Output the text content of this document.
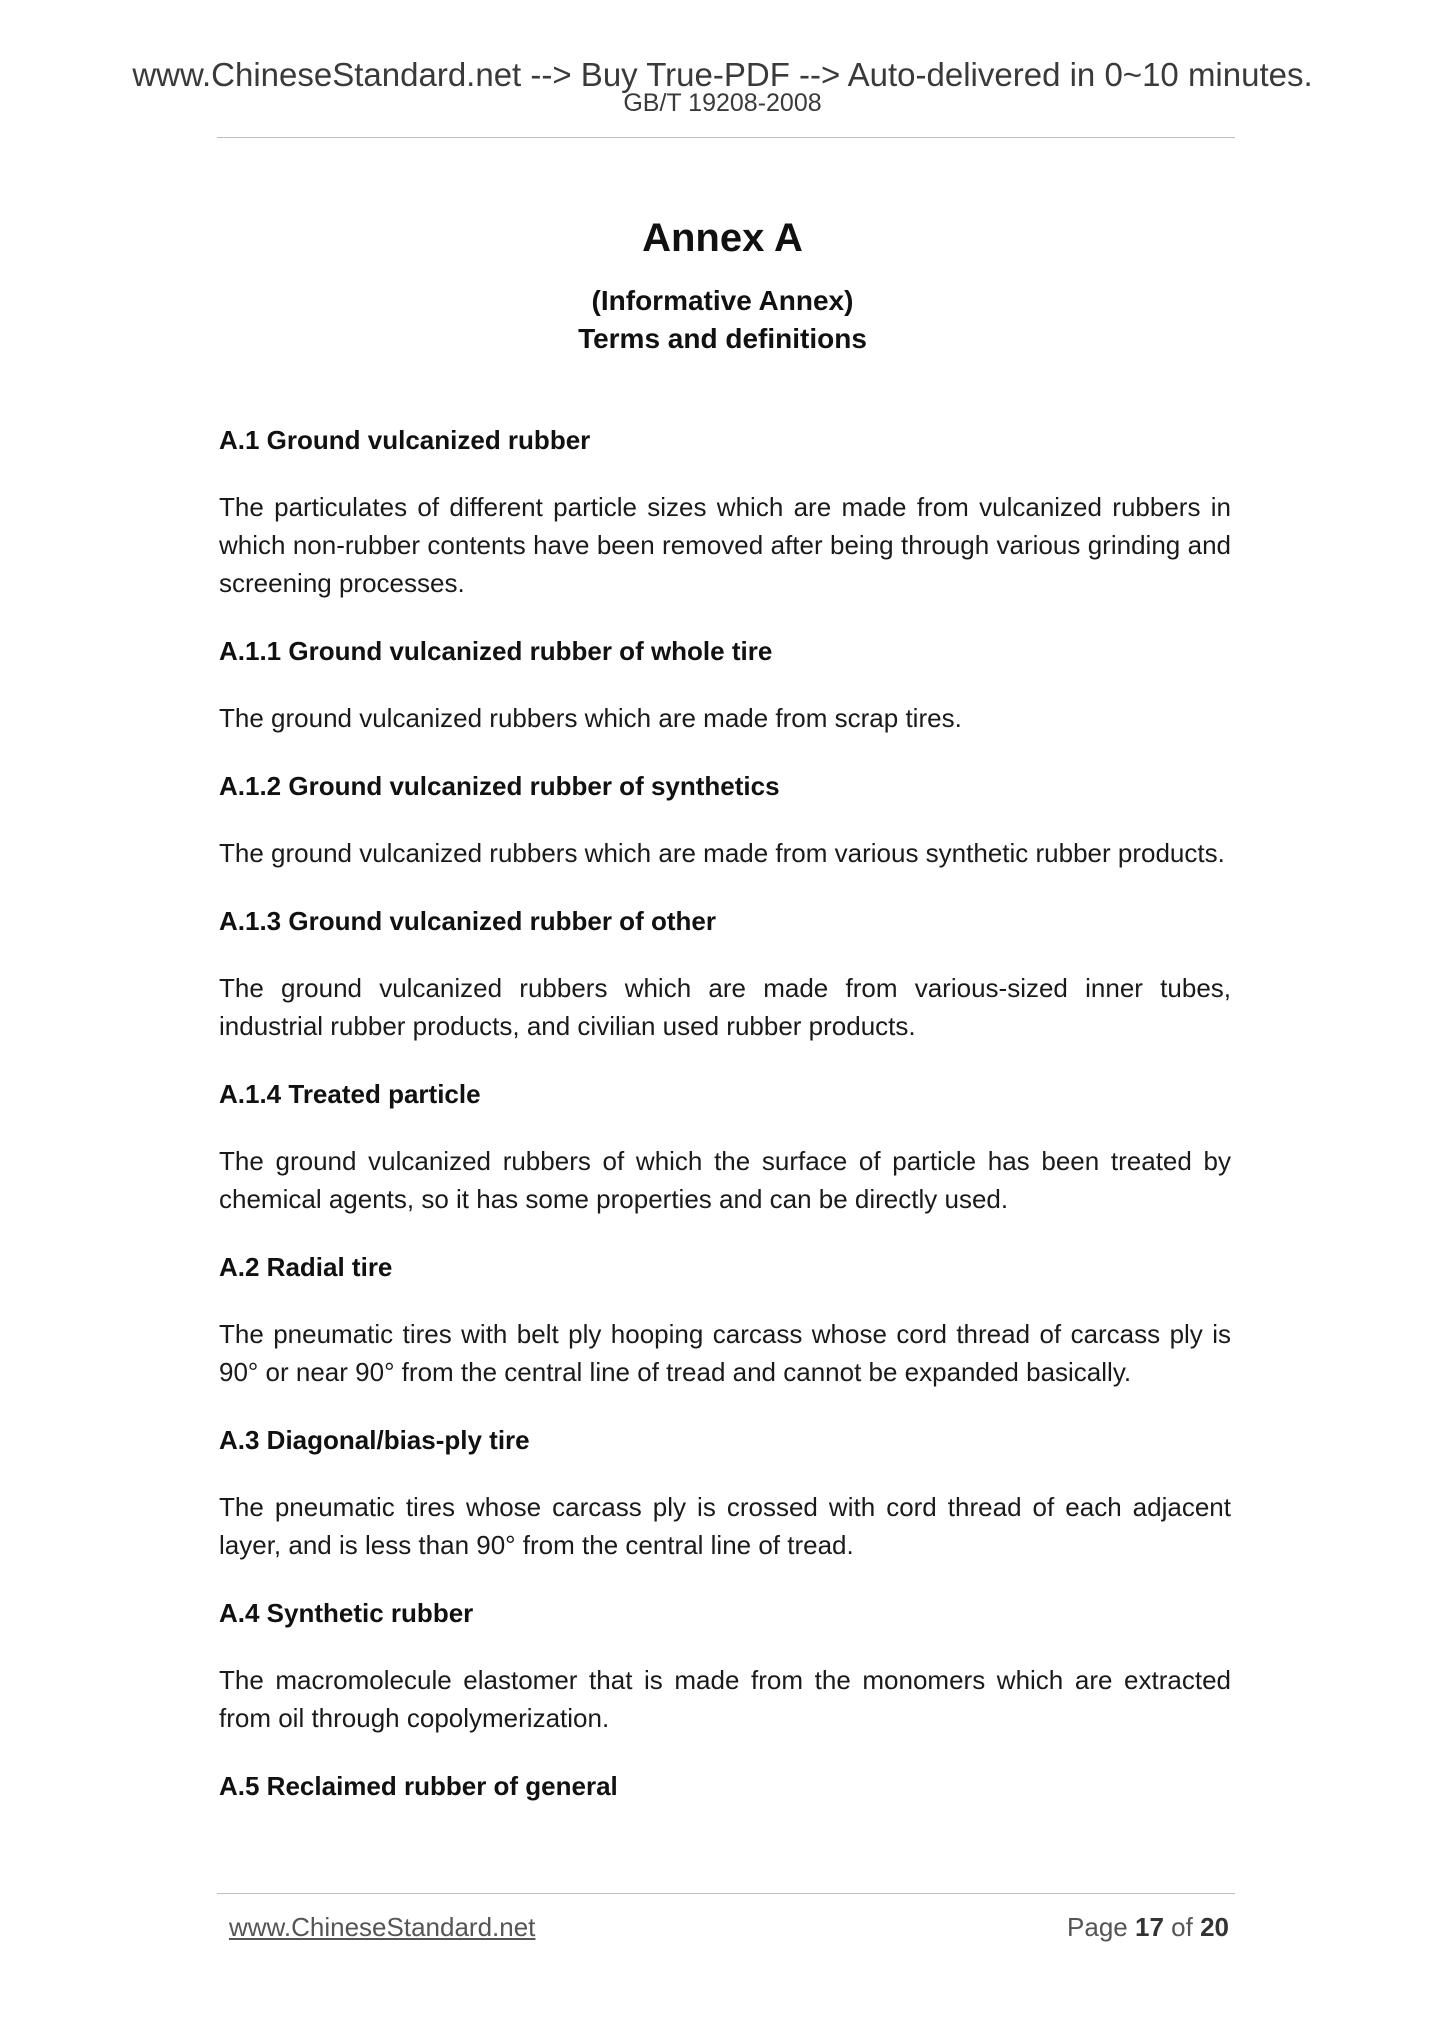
www.ChineseStandard.net --> Buy True-PDF --> Auto-delivered in 0~10 minutes.
GB/T 19208-2008
Annex A
(Informative Annex)
Terms and definitions

A.1 Ground vulcanized rubber

The particulates of different particle sizes which are made from vulcanized rubbers in which non-rubber contents have been removed after being through various grinding and screening processes.

A.1.1 Ground vulcanized rubber of whole tire

The ground vulcanized rubbers which are made from scrap tires.

A.1.2 Ground vulcanized rubber of synthetics

The ground vulcanized rubbers which are made from various synthetic rubber products.

A.1.3 Ground vulcanized rubber of other

The ground vulcanized rubbers which are made from various-sized inner tubes, industrial rubber products, and civilian used rubber products.

A.1.4 Treated particle

The ground vulcanized rubbers of which the surface of particle has been treated by chemical agents, so it has some properties and can be directly used.

A.2 Radial tire

The pneumatic tires with belt ply hooping carcass whose cord thread of carcass ply is 90° or near 90° from the central line of tread and cannot be expanded basically.

A.3 Diagonal/bias-ply tire

The pneumatic tires whose carcass ply is crossed with cord thread of each adjacent layer, and is less than 90° from the central line of tread.

A.4 Synthetic rubber

The macromolecule elastomer that is made from the monomers which are extracted from oil through copolymerization.

A.5 Reclaimed rubber of general

www.ChineseStandard.net	Page 17 of 20
